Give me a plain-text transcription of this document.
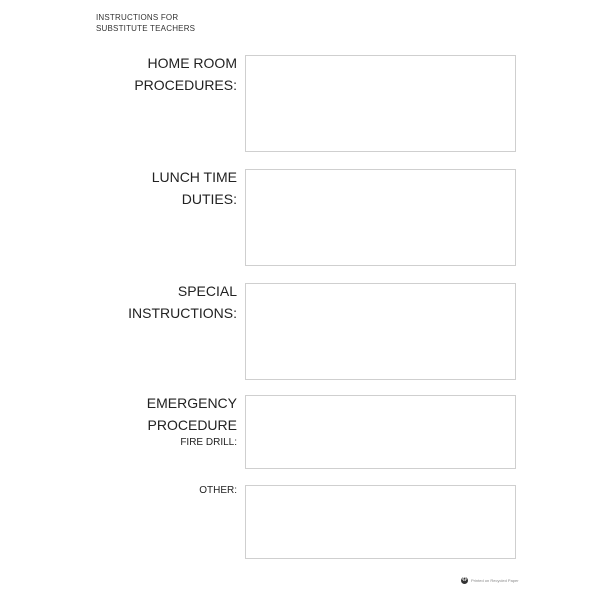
INSTRUCTIONS FOR
SUBSTITUTE TEACHERS
HOME ROOM
PROCEDURES:
LUNCH TIME
DUTIES:
SPECIAL
INSTRUCTIONS:
EMERGENCY
PROCEDURE
FIRE DRILL:
OTHER:
♻ Printed on Recycled Paper
